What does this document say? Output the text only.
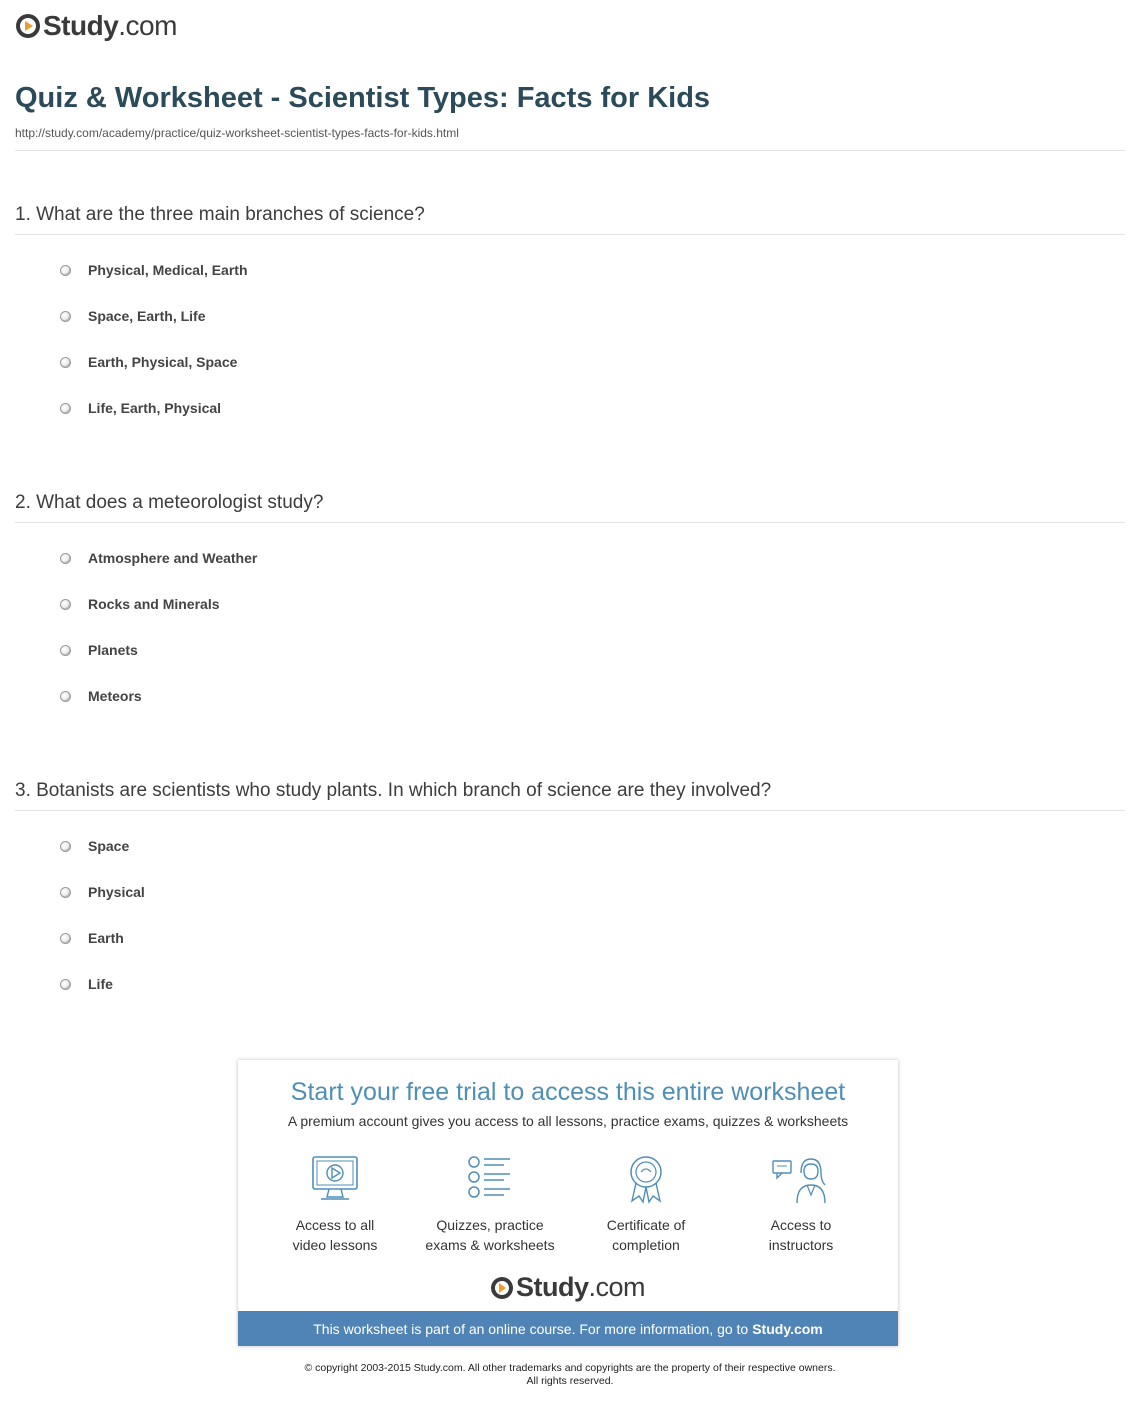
Study.com
Quiz & Worksheet - Scientist Types: Facts for Kids
http://study.com/academy/practice/quiz-worksheet-scientist-types-facts-for-kids.html
1. What are the three main branches of science?
Physical, Medical, Earth
Space, Earth, Life
Earth, Physical, Space
Life, Earth, Physical
2. What does a meteorologist study?
Atmosphere and Weather
Rocks and Minerals
Planets
Meteors
3. Botanists are scientists who study plants. In which branch of science are they involved?
Space
Physical
Earth
Life
Start your free trial to access this entire worksheet
A premium account gives you access to all lessons, practice exams, quizzes & worksheets
Access to all
video lessons
Quizzes, practice
exams & worksheets
Certificate of
completion
Access to
instructors
Study.com
This worksheet is part of an online course. For more information, go to Study.com
© copyright 2003-2015 Study.com. All other trademarks and copyrights are the property of their respective owners.
All rights reserved.
